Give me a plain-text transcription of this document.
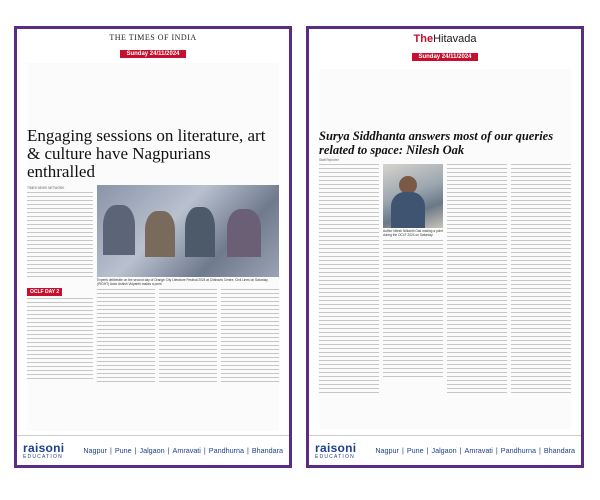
THE TIMES OF INDIA
Sunday 24/11/2024
Engaging sessions on literature, art & culture have Nagpurians enthralled
TIMES NEWS NETWORK
OCLF DAY 2
Experts deliberate on the second day of Orange City Literature Festival 2024 at Chitnavis Centre, Civil Lines on Saturday. (RIGHT) Actor Ashish Vidyarthi makes a point
raisoni
EDUCATION
Nagpur | Pune | Jalgaon | Amravati | Pandhurna | Bhandara
TheHitavada
Sunday 24/11/2024
Surya Siddhanta answers most of our queries related to space: Nilesh Oak
Staff Reporter
Author Nilesh Nilkanth Oak making a point during the OCLF 2024 on Saturday.
raisoni
EDUCATION
Nagpur | Pune | Jalgaon | Amravati | Pandhurna | Bhandara
